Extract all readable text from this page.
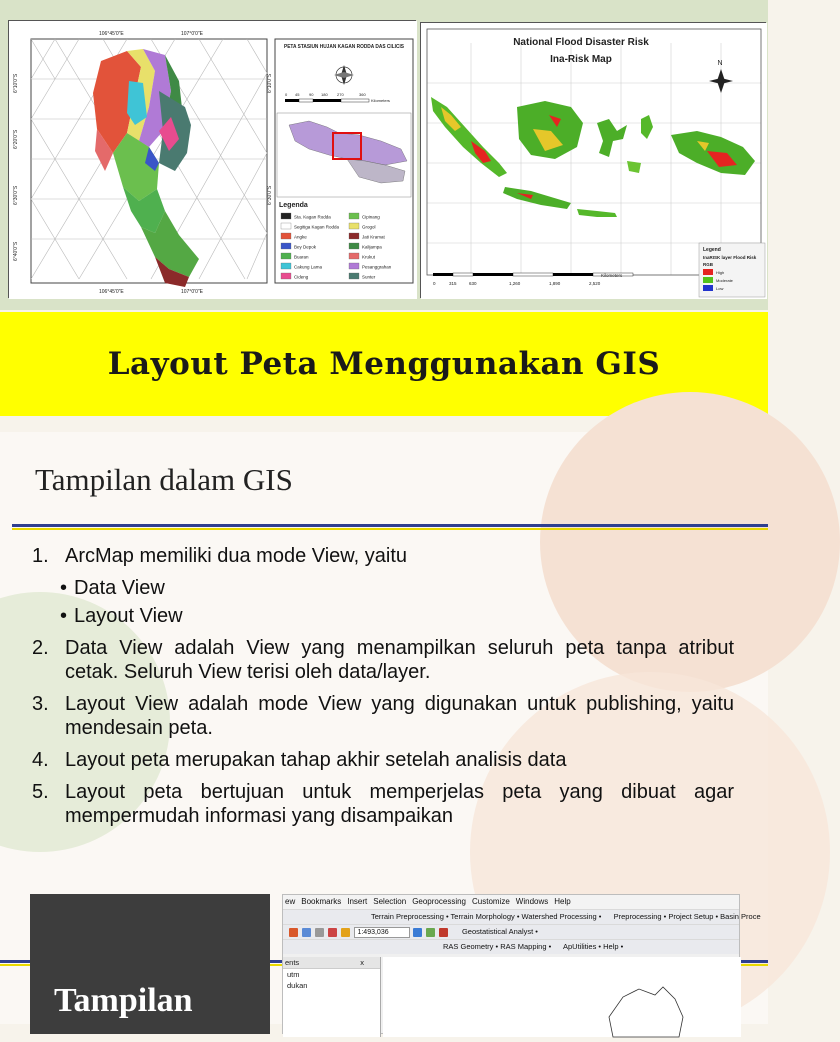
106°45'0"E	107°0'0"E
106°45'0"E	107°0'0"E
6°10'0"S
6°20'0"S
6°30'0"S
6°40'0"S
6°10'0"S
6°30'0"S
PETA STASIUN HUJAN KAGAN RODDA DAS CILICIS
0 45 90 180 270	360
Kilometers
Legenda
Sta. Kagan Rodda	Cipinang
Segitiga Kagan Rodda	Grogol
Angke	Jati Kramat
Bey Depok	Kalijampa
Buaran	Krukut
Cakung Lama	Pesanggrahan
Cideng	Sunter
National Flood Disaster Risk
Ina-Risk Map	N
0	315	630	1,260	1,890	2,520
Kilometers
Legend
InaRISK layer Flood Risk
RGB
High
Moderate
Low
Layout Peta Menggunakan GIS
Tampilan dalam GIS
1. ArcMap memiliki dua mode View, yaitu
• Data View
• Layout View
2. Data View adalah View yang menampilkan seluruh peta tanpa atribut cetak. Seluruh View terisi oleh data/layer.
3. Layout View adalah mode View yang digunakan untuk publishing, yaitu mendesain peta.
4. Layout peta merupakan tahap akhir setelah analisis data
5. Layout peta bertujuan untuk memperjelas peta yang dibuat agar mempermudah informasi yang disampaikan
Tampilan
ew Bookmarks Insert Selection Geoprocessing Customize Windows Help
Terrain Preprocessing • Terrain Morphology • Watershed Processing • Preprocessing • Project Setup • Basin Proce
1:493,036	Geostatistical Analyst •
RAS Geometry • RAS Mapping • ApUtilities • Help •
ents	x
utm
dukan
